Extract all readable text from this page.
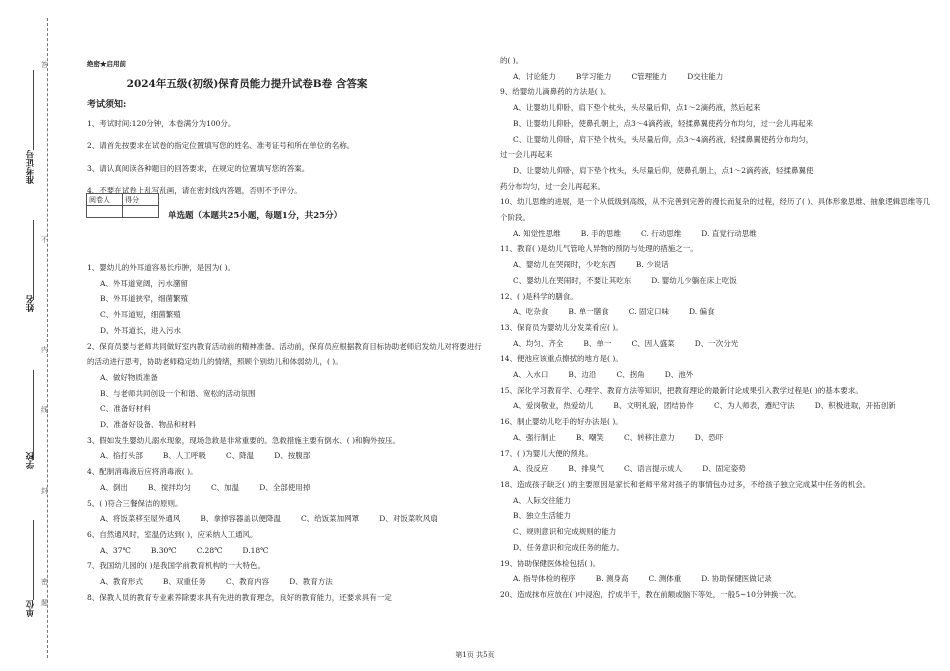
准考证号
姓名
学校
单位
答
不
内
线
封
密
题
绝密★启用前
2024年五级(初级)保育员能力提升试卷B卷 含答案
考试须知:
1、考试时间:120分钟，本卷满分为100分。
2、请首先按要求在试卷的指定位置填写您的姓名、准考证号和所在单位的名称。
3、请认真阅读各种题目的回答要求，在规定的位置填写您的答案。
4、不要在试卷上乱写乱画，请在密封线内答题，否则不予评分。
阅卷人	得分

单选题（本题共25小题，每题1分，共25分）

1、婴幼儿的外耳道容易长疖肿，是因为( )。

A、外耳道宽阔，污水潴留

B、外耳道狭窄，细菌繁殖

C、外耳道短，细菌繁殖

D、外耳道长，进入污水

2、保育员要与老师共同做好室内教育活动前的精神准备。活动前，保育员应根据教育目标协助老师启发幼儿对将要进行的活动进行思考，协助老师稳定幼儿的情绪，照顾个别幼儿和体弱幼儿，( )。

A、做好物质准备

B、与老师共同创设一个和谐、宽松的活动氛围

C、准备好材料

D、准备好设备、物品和材料

3、假如发生婴幼儿溺水现象，现场急救是非常重要的。急救措施主要有倒水、( )和胸外按压。

A、掐打头部	B、人工呼吸	C、降温	D、按腹部

4、配制消毒液后应将消毒液( )。

A、倒出	B、搅拌均匀	C、加温	D、全部使用掉

5、( )符合三餐保洁的原则。

A、将饭菜移至屋外通风	B、拿掉容器盖以便降温	C、给饭菜加网罩	D、对饭菜吹风扇

6、自然通风时，室温仍达到( )，应采纳人工通风。

A、37℃	B.30℃	C.28℃	D.18℃

7、我国幼儿园的( )是我国学前教育机构的一大特色。

A、教育形式	B、双重任务	C、教育内容	D、教育方法

8、保教人员的教育专业素养除要求具有先进的教育理念，良好的教育能力，还要求具有一定

的( )。

A．讨论能力	B学习能力	C管理能力	D交往能力

9、给婴幼儿滴鼻药的方法是( )。

A、让婴幼儿仰卧，肩下垫个枕头，头尽量后仰，点1～2滴药液，然后起来

B、让婴幼儿仰卧，使鼻孔朝上，点3～4滴药液，轻揉鼻翼使药分布均匀，过一会儿再起来

C、让婴幼儿仰卧，肩下垫个枕头，头尽量后仰，点3～4滴药液，轻揉鼻翼使药分布均匀，

过一会儿再起来

D、让婴幼儿仰卧，肩下垫个枕头，头尽量后仰，使鼻孔朝上，点1～2滴药液，轻揉鼻翼使

药分布均匀，过一会儿再起来。

10、幼儿思维的进展，是一个从低级到高级，从不完善到完善的漫长而复杂的过程，经历了( )、具体形象思维、抽象逻辑思维等几个阶段。

A. 知觉性思维	B. 手的思维	C. 行动思维	D. 直觉行动思维

11、教育( )是幼儿气管呛人异物的预防与处理的措施之一。

A、婴幼儿在哭闹时，少吃东西	B. 少说话

C、婴幼儿在哭闹时，不要让其吃东	D. 婴幼儿少躺在床上吃饭

12、( )是科学的膳食。

A、吃杂食	B. 单一膳食	C. 固定口味	D. 偏食

13、保育员为婴幼儿分发菜肴应( )。

A、均匀、齐全	B、单一	C、因人盛菜	D、一次分光

14、便池应该重点擦拭的地方是( )。

A、入水口	B、边沿	C、拐角	D、池外

15、深化学习教育学、心理学、教育方法等知识，把教育理论的最新讨论成果引入教学过程是( )的基本要求。

A、爱岗敬业，热爱幼儿	B、文明礼貌，团结协作	C、为人师表，遵纪守法	D、积极进取，开拓创新

16、制止婴幼儿吃手的好办法是( )。

A、强行制止	B、嘲笑	C、转移注意力	D、恐吓

17、( )为婴儿大便的预兆。

A、没反应	B、排臭气	C、语言提示成人	D、固定姿势

18、造成孩子缺乏( )的主要原因是家长和老师平常对孩子的事情包办过多，不给孩子独立完成某中任务的机会。

A、人际交往能力

B、独立生活能力

C、规则意识和完成规则的能力

D、任务意识和完成任务的能力。

19、协助保健医体检包括( )。

A. 指导体检的程序	B. 测身高	C. 测体重	D. 协助保健医做记录

20、造成抹布应放在( )中浸泡，拧成半干，教在前额或脑下等处，一般5~10分钟换一次。

第1页 共5页
